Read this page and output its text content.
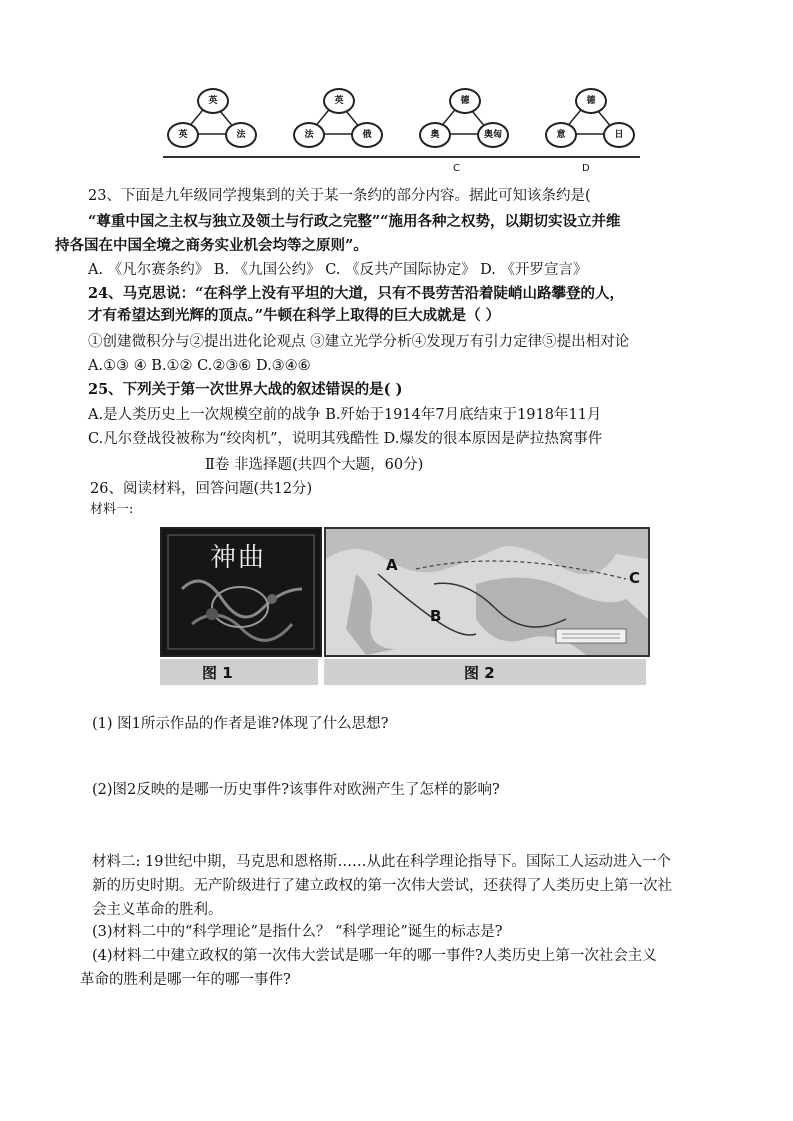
英
英	法
英
法	俄
德
奥	奥匈
德
意	日
C	D
23、下面是九年级同学搜集到的关于某一条约的部分内容。据此可知该条约是(
“尊重中国之主权与独立及领土与行政之完整”“施用各种之权势，以期切实设立并维
持各国在中国全境之商务实业机会均等之原则”。
A. 《凡尔赛条约》 B. 《九国公约》 C. 《反共产国际协定》 D. 《开罗宣言》
24、马克思说：“在科学上没有平坦的大道，只有不畏劳苦沿着陡峭山路攀登的人，
才有希望达到光辉的顶点。”牛顿在科学上取得的巨大成就是（ ）
①创建微积分与②提出进化论观点 ③建立光学分析④发现万有引力定律⑤提出相对论
A.①③ ④ B.①② C.②③⑥ D.③④⑥
25、下列关于第一次世界大战的叙述错误的是( )
A.是人类历史上一次规模空前的战争 B.歼始于1914年7月底结束于1918年11月
C.凡尔登战役被称为“绞肉机”，说明其残酷性 D.爆发的很本原因是萨拉热窝事件
Ⅱ卷 非选择题(共四个大题，60分)
26、阅读材料，回答问题(共12分)
材料一:
神曲	A
B
C
图 1	图 2
(1) 图1所示作品的作者是谁?体现了什么思想?
(2)图2反映的是哪一历史事件?该事件对欧洲产生了怎样的影响?
材料二: 19世纪中期，马克思和恩格斯……从此在科学理论指导下。国际工人运动进入一个
新的历史时期。无产阶级进行了建立政权的第一次伟大尝试，还获得了人类历史上第一次社
会主义革命的胜利。
(3)材料二中的“科学理论”是指什么？ “科学理论”诞生的标志是?
(4)材料二中建立政权的第一次伟大尝试是哪一年的哪一事件?人类历史上第一次社会主义
革命的胜利是哪一年的哪一事件?
